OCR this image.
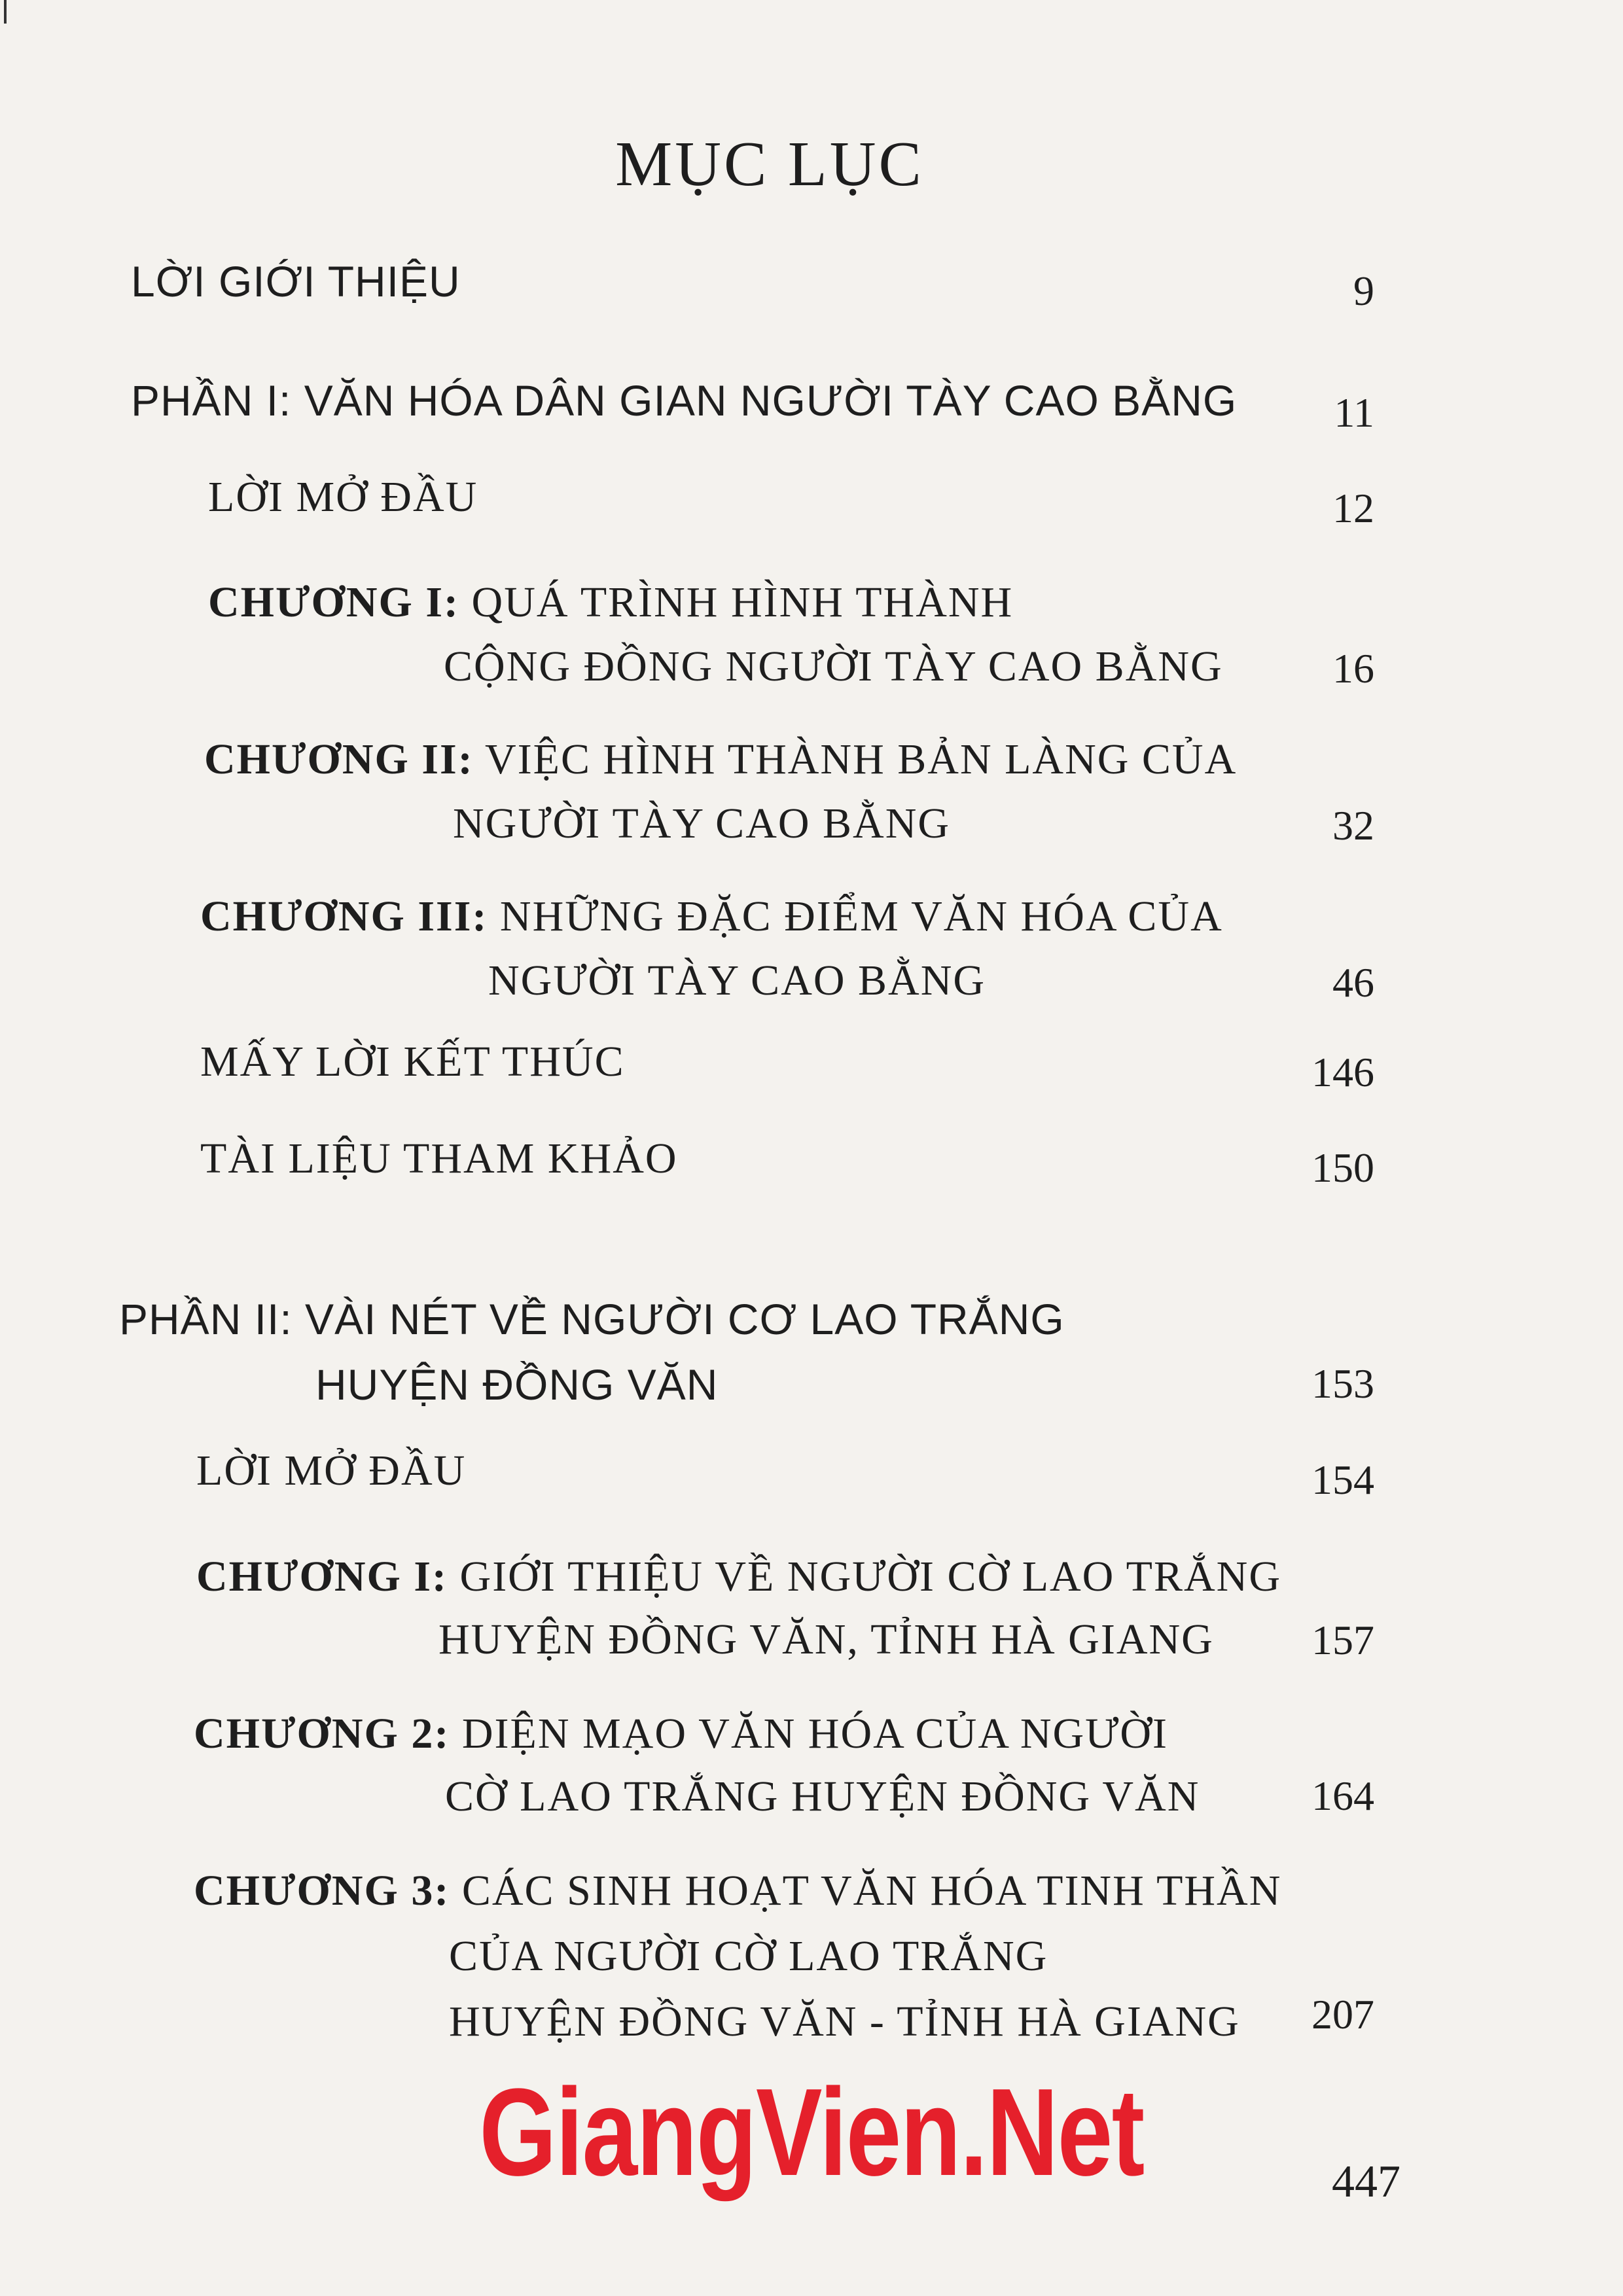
MỤC LỤC
LỜI GIỚI THIỆU	9
PHẦN I: VĂN HÓA DÂN GIAN NGƯỜI TÀY CAO BẰNG	11
LỜI MỞ ĐẦU	12
CHƯƠNG I: QUÁ TRÌNH HÌNH THÀNH
CỘNG ĐỒNG NGƯỜI TÀY CAO BẰNG	16
CHƯƠNG II: VIỆC HÌNH THÀNH BẢN LÀNG CỦA
NGƯỜI TÀY CAO BẰNG	32
CHƯƠNG III: NHỮNG ĐẶC ĐIỂM VĂN HÓA CỦA
NGƯỜI TÀY CAO BẰNG	46
MẤY LỜI KẾT THÚC	146
TÀI LIỆU THAM KHẢO	150
PHẦN II: VÀI NÉT VỀ NGƯỜI CƠ LAO TRẮNG
HUYỆN ĐỒNG VĂN	153
LỜI MỞ ĐẦU	154
CHƯƠNG I: GIỚI THIỆU VỀ NGƯỜI CỜ LAO TRẮNG
HUYỆN ĐỒNG VĂN, TỈNH HÀ GIANG	157
CHƯƠNG 2: DIỆN MẠO VĂN HÓA CỦA NGƯỜI
CỜ LAO TRẮNG HUYỆN ĐỒNG VĂN	164
CHƯƠNG 3: CÁC SINH HOẠT VĂN HÓA TINH THẦN
CỦA NGƯỜI CỜ LAO TRẮNG
HUYỆN ĐỒNG VĂN - TỈNH HÀ GIANG	207
GiangVien.Net	447
